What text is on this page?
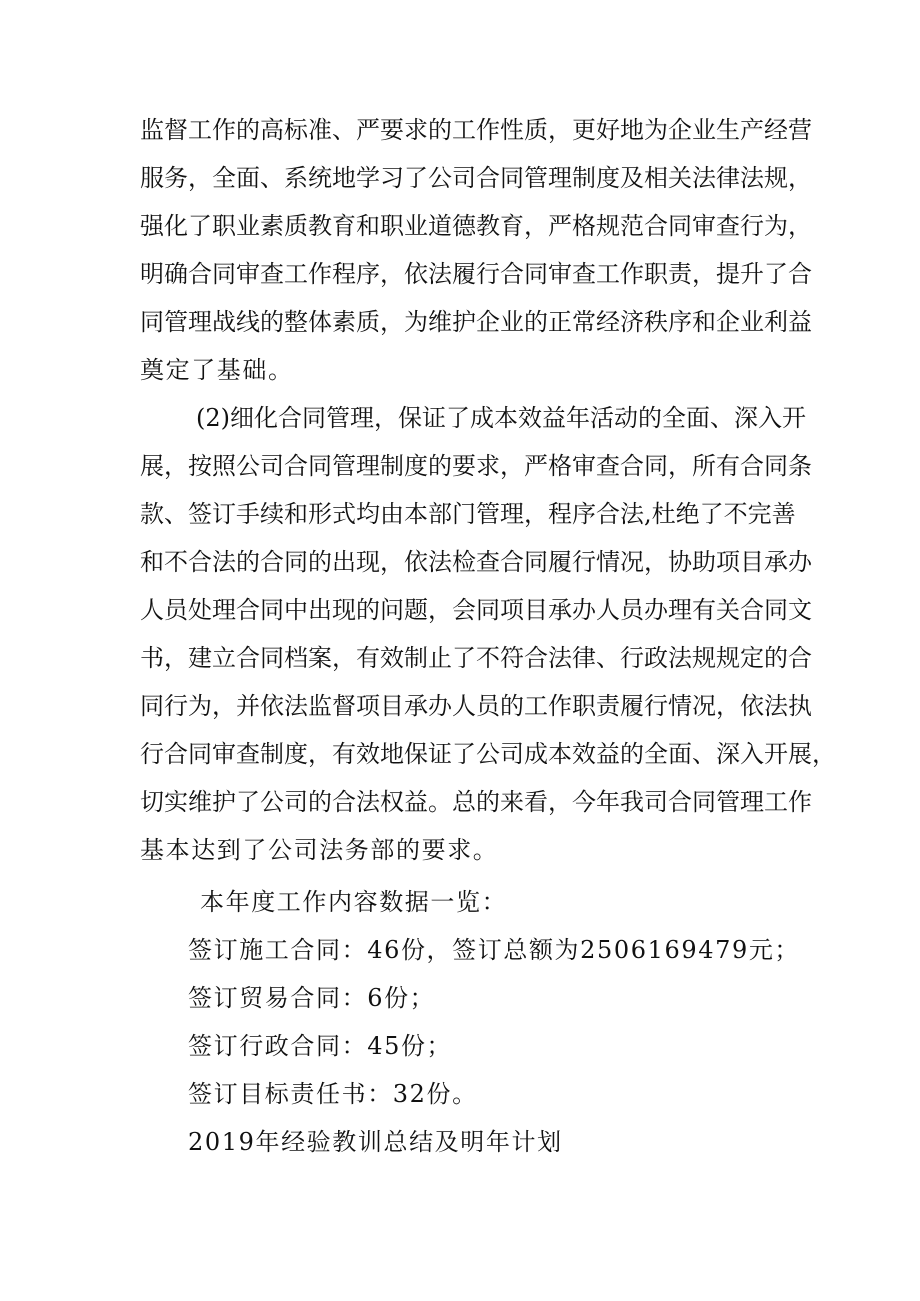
监督工作的高标准、严要求的工作性质，更好地为企业生产经营
服务，全面、系统地学习了公司合同管理制度及相关法律法规，
强化了职业素质教育和职业道德教育，严格规范合同审查行为，
明确合同审查工作程序，依法履行合同审查工作职责，提升了合
同管理战线的整体素质，为维护企业的正常经济秩序和企业利益
奠定了基础。
(2)细化合同管理，保证了成本效益年活动的全面、深入开
展，按照公司合同管理制度的要求，严格审查合同，所有合同条
款、签订手续和形式均由本部门管理，程序合法,杜绝了不完善
和不合法的合同的出现，依法检查合同履行情况，协助项目承办
人员处理合同中出现的问题，会同项目承办人员办理有关合同文
书，建立合同档案，有效制止了不符合法律、行政法规规定的合
同行为，并依法监督项目承办人员的工作职责履行情况，依法执
行合同审查制度，有效地保证了公司成本效益的全面、深入开展，
切实维护了公司的合法权益。总的来看，今年我司合同管理工作
基本达到了公司法务部的要求。
本年度工作内容数据一览：
签订施工合同：46份，签订总额为2506169479元；
签订贸易合同：6份；
签订行政合同：45份；
签订目标责任书：32份。
2019年经验教训总结及明年计划
